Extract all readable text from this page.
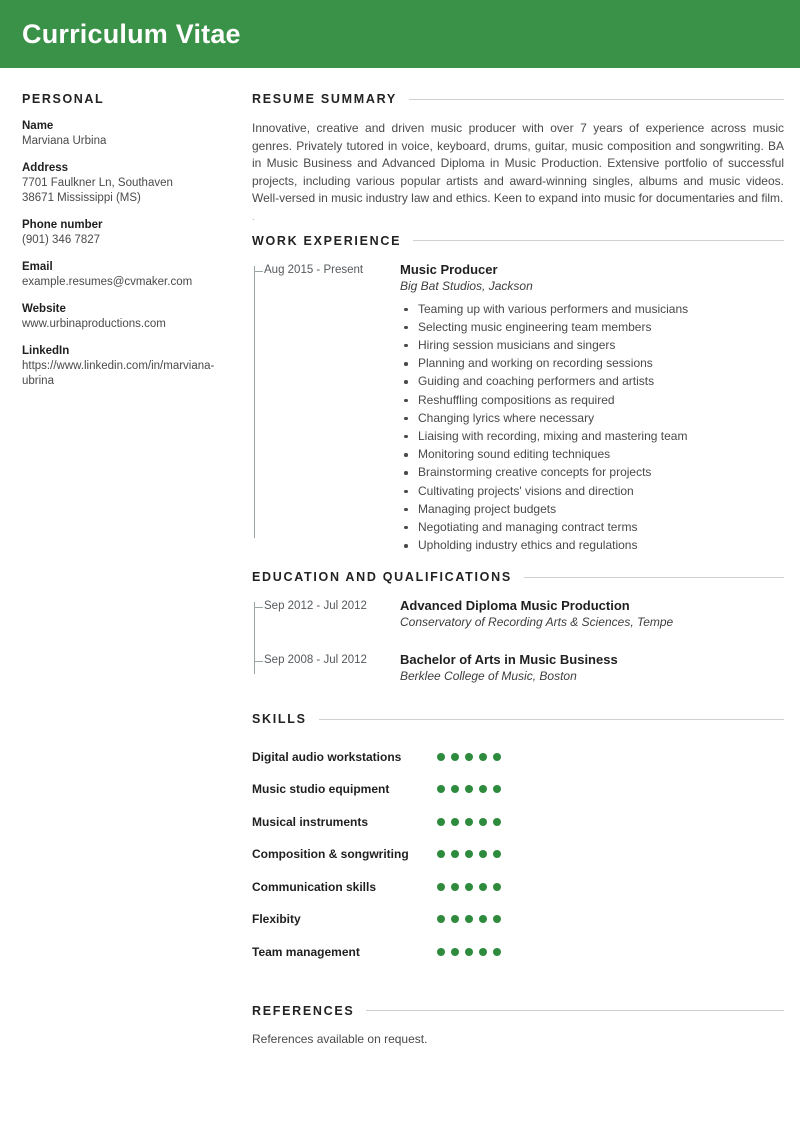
Curriculum Vitae
PERSONAL
Name
Marviana Urbina
Address
7701 Faulkner Ln, Southaven
38671 Mississippi (MS)
Phone number
(901) 346 7827
Email
example.resumes@cvmaker.com
Website
www.urbinaproductions.com
LinkedIn
https://www.linkedin.com/in/marviana-ubrina
RESUME SUMMARY
Innovative, creative and driven music producer with over 7 years of experience across music genres. Privately tutored in voice, keyboard, drums, guitar, music composition and songwriting. BA in Music Business and Advanced Diploma in Music Production. Extensive portfolio of successful projects, including various popular artists and award-winning singles, albums and music videos. Well-versed in music industry law and ethics. Keen to expand into music for documentaries and film.
.
WORK EXPERIENCE
Aug 2015 - Present	Music Producer
Big Bat Studios, Jackson
Teaming up with various performers and musicians
Selecting music engineering team members
Hiring session musicians and singers
Planning and working on recording sessions
Guiding and coaching performers and artists
Reshuffling compositions as required
Changing lyrics where necessary
Liaising with recording, mixing and mastering team
Monitoring sound editing techniques
Brainstorming creative concepts for projects
Cultivating projects' visions and direction
Managing project budgets
Negotiating and managing contract terms
Upholding industry ethics and regulations
EDUCATION AND QUALIFICATIONS
Sep 2012 - Jul 2012	Advanced Diploma Music Production
Conservatory of Recording Arts & Sciences, Tempe
Sep 2008 - Jul 2012	Bachelor of Arts in Music Business
Berklee College of Music, Boston
SKILLS
Digital audio workstations
Music studio equipment
Musical instruments
Composition & songwriting
Communication skills
Flexibity
Team management
REFERENCES
References available on request.
